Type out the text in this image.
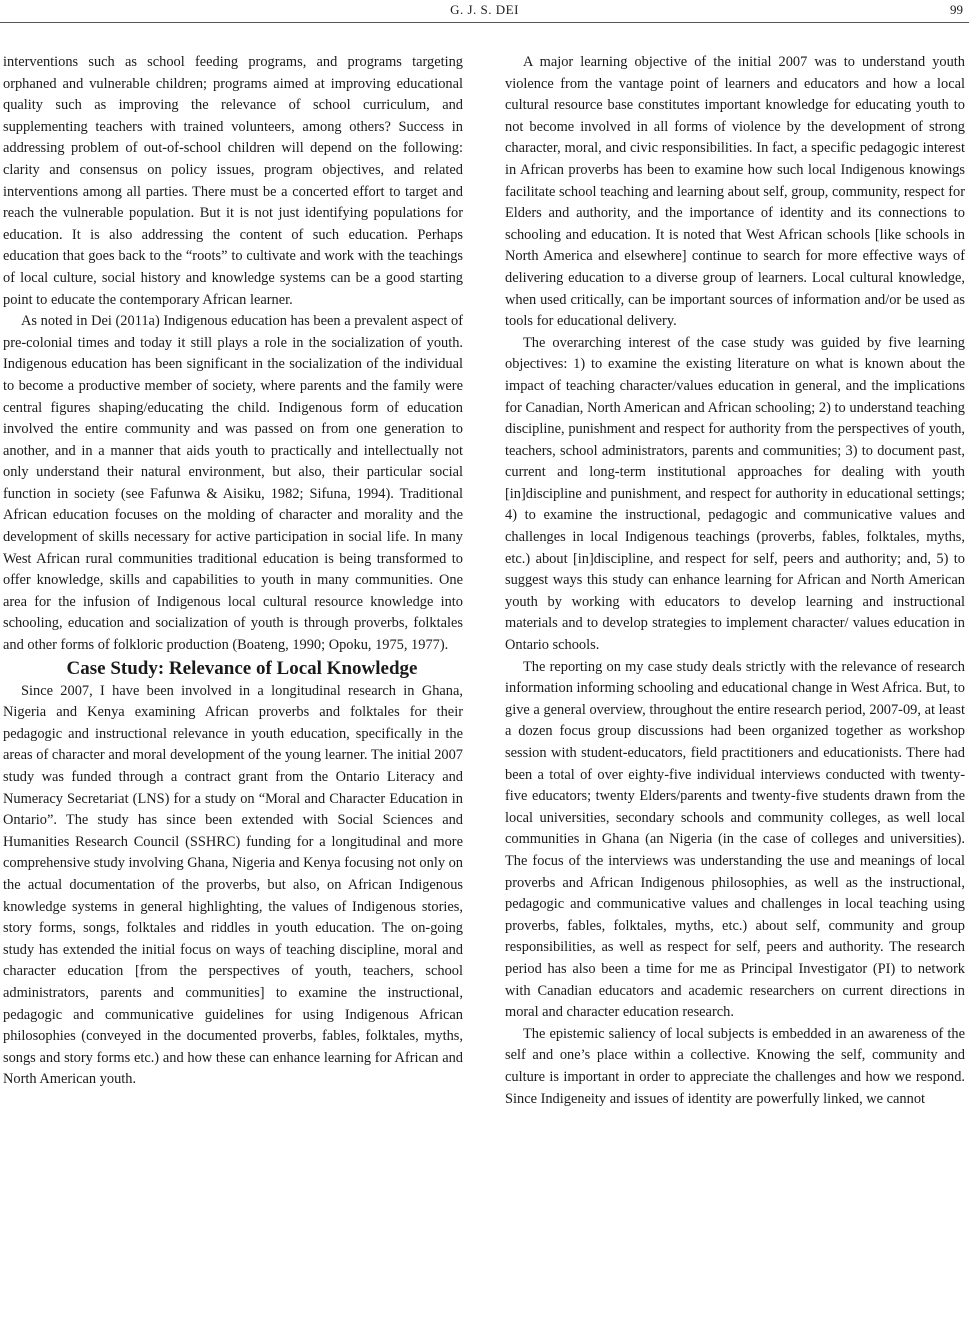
G. J. S. DEI	99

interventions such as school feeding programs, and programs targeting orphaned and vulnerable children; programs aimed at improving educational quality such as improving the relevance of school curriculum, and supplementing teachers with trained volunteers, among others? Success in addressing problem of out-of-school children will depend on the following: clarity and consensus on policy issues, program objectives, and related interventions among all parties. There must be a concerted effort to target and reach the vulnerable population. But it is not just identifying populations for education. It is also addressing the content of such education. Perhaps education that goes back to the “roots” to cultivate and work with the teachings of local culture, social history and knowledge systems can be a good starting point to educate the contemporary African learner.

As noted in Dei (2011a) Indigenous education has been a prevalent aspect of pre-colonial times and today it still plays a role in the socialization of youth. Indigenous education has been significant in the socialization of the individual to become a productive member of society, where parents and the family were central figures shaping/educating the child. Indigenous form of education involved the entire community and was passed on from one generation to another, and in a manner that aids youth to practically and intellectually not only understand their natural environment, but also, their particular social function in society (see Fafunwa & Aisiku, 1982; Sifuna, 1994). Traditional African education focuses on the molding of character and morality and the development of skills necessary for active participation in social life. In many West African rural communities traditional education is being transformed to offer knowledge, skills and capabilities to youth in many communities. One area for the infusion of Indigenous local cultural resource knowledge into schooling, education and socialization of youth is through proverbs, folktales and other forms of folkloric production (Boateng, 1990; Opoku, 1975, 1977).

Case Study: Relevance of Local Knowledge

Since 2007, I have been involved in a longitudinal research in Ghana, Nigeria and Kenya examining African proverbs and folktales for their pedagogic and instructional relevance in youth education, specifically in the areas of character and moral development of the young learner. The initial 2007 study was funded through a contract grant from the Ontario Literacy and Numeracy Secretariat (LNS) for a study on “Moral and Character Education in Ontario”. The study has since been extended with Social Sciences and Humanities Research Council (SSHRC) funding for a longitudinal and more comprehensive study involving Ghana, Nigeria and Kenya focusing not only on the actual documentation of the proverbs, but also, on African Indigenous knowledge systems in general highlighting, the values of Indigenous stories, story forms, songs, folktales and riddles in youth education. The on-going study has extended the initial focus on ways of teaching discipline, moral and character education [from the perspectives of youth, teachers, school administrators, parents and communities] to examine the instructional, pedagogic and communicative guidelines for using Indigenous African philosophies (conveyed in the documented proverbs, fables, folktales, myths, songs and story forms etc.) and how these can enhance learning for African and North American youth.

A major learning objective of the initial 2007 was to understand youth violence from the vantage point of learners and educators and how a local cultural resource base constitutes important knowledge for educating youth to not become involved in all forms of violence by the development of strong character, moral, and civic responsibilities. In fact, a specific pedagogic interest in African proverbs has been to examine how such local Indigenous knowings facilitate school teaching and learning about self, group, community, respect for Elders and authority, and the importance of identity and its connections to schooling and education. It is noted that West African schools [like schools in North America and elsewhere] continue to search for more effective ways of delivering education to a diverse group of learners. Local cultural knowledge, when used critically, can be important sources of information and/or be used as tools for educational delivery.

The overarching interest of the case study was guided by five learning objectives: 1) to examine the existing literature on what is known about the impact of teaching character/values education in general, and the implications for Canadian, North American and African schooling; 2) to understand teaching discipline, punishment and respect for authority from the perspectives of youth, teachers, school administrators, parents and communities; 3) to document past, current and long-term institutional approaches for dealing with youth [in]discipline and punishment, and respect for authority in educational settings; 4) to examine the instructional, pedagogic and communicative values and challenges in local Indigenous teachings (proverbs, fables, folktales, myths, etc.) about [in]discipline, and respect for self, peers and authority; and, 5) to suggest ways this study can enhance learning for African and North American youth by working with educators to develop learning and instructional materials and to develop strategies to implement character/ values education in Ontario schools.

The reporting on my case study deals strictly with the relevance of research information informing schooling and educational change in West Africa. But, to give a general overview, throughout the entire research period, 2007-09, at least a dozen focus group discussions had been organized together as workshop session with student-educators, field practitioners and educationists. There had been a total of over eighty-five individual interviews conducted with twenty-five educators; twenty Elders/parents and twenty-five students drawn from the local universities, secondary schools and community colleges, as well local communities in Ghana (an Nigeria (in the case of colleges and universities). The focus of the interviews was understanding the use and meanings of local proverbs and African Indigenous philosophies, as well as the instructional, pedagogic and communicative values and challenges in local teaching using proverbs, fables, folktales, myths, etc.) about self, community and group responsibilities, as well as respect for self, peers and authority. The research period has also been a time for me as Principal Investigator (PI) to network with Canadian educators and academic researchers on current directions in moral and character education research.

The epistemic saliency of local subjects is embedded in an awareness of the self and one’s place within a collective. Knowing the self, community and culture is important in order to appreciate the challenges and how we respond. Since Indigeneity and issues of identity are powerfully linked, we cannot
